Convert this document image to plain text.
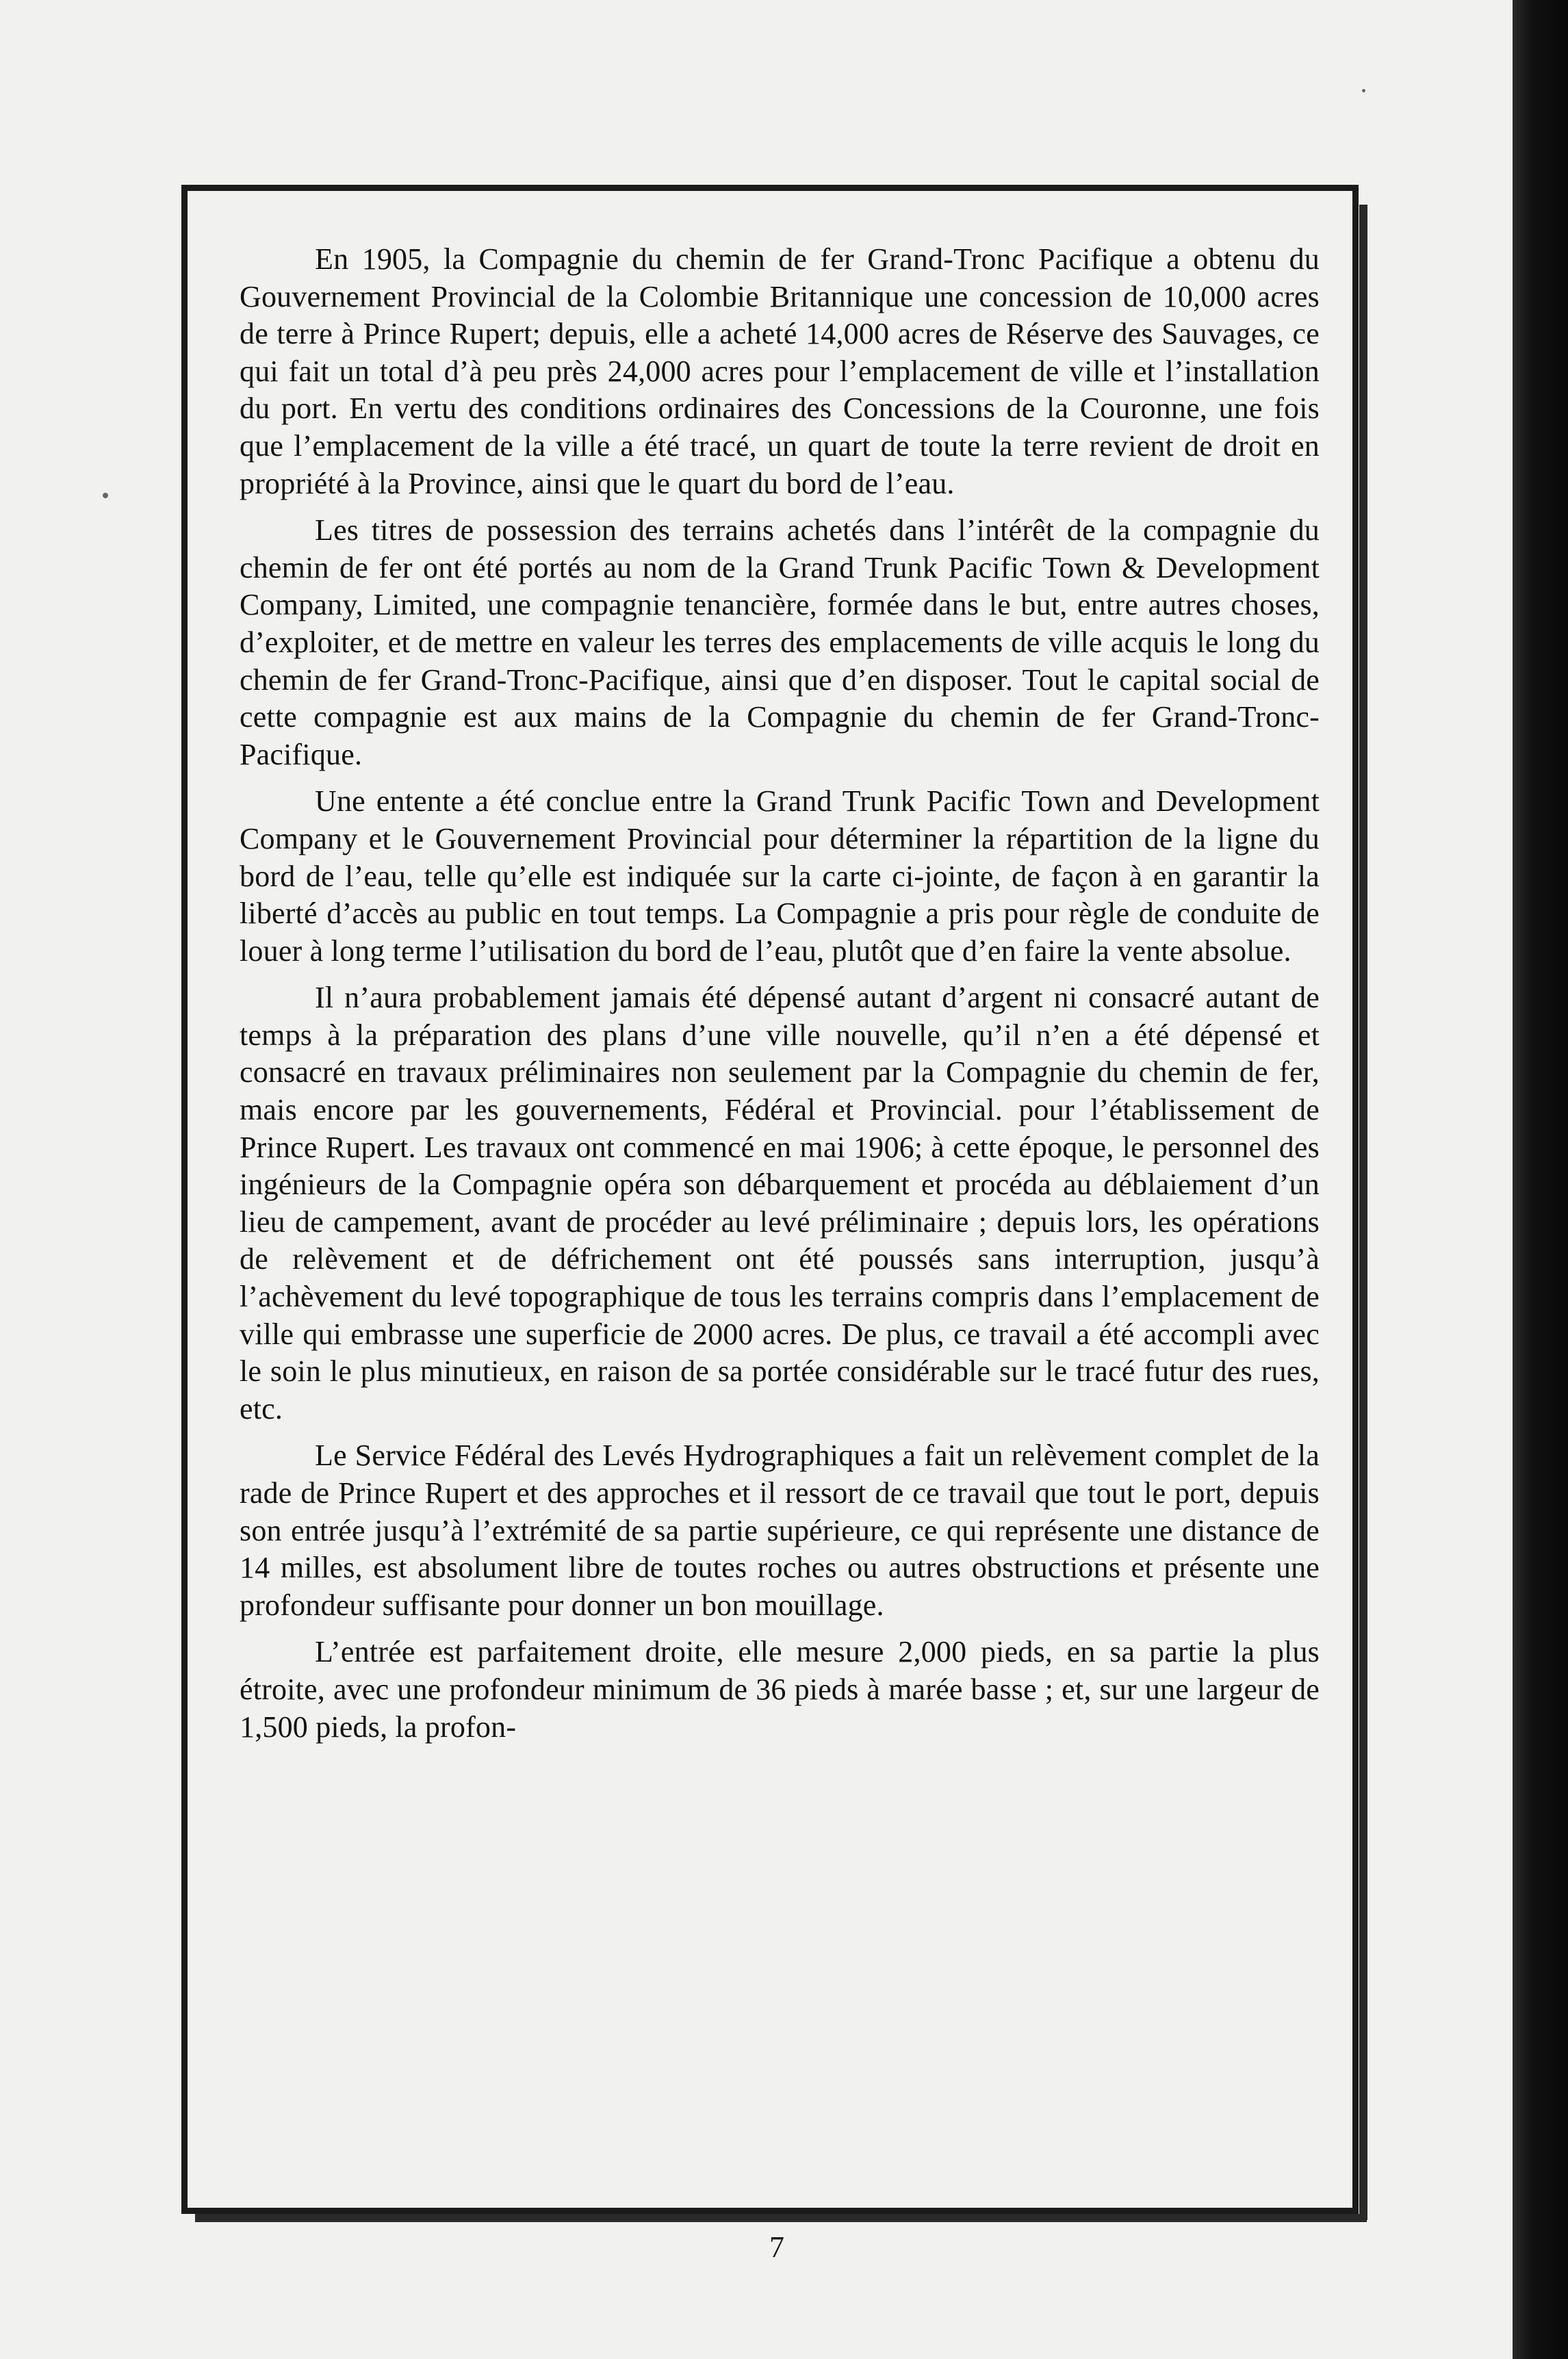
En 1905, la Compagnie du chemin de fer Grand-Tronc Pacifique a obtenu du Gouvernement Provincial de la Colombie Britannique une concession de 10,000 acres de terre à Prince Rupert; depuis, elle a acheté 14,000 acres de Réserve des Sauvages, ce qui fait un total d’à peu près 24,000 acres pour l’emplacement de ville et l’installation du port. En vertu des conditions ordinaires des Concessions de la Couronne, une fois que l’emplacement de la ville a été tracé, un quart de toute la terre revient de droit en propriété à la Province, ainsi que le quart du bord de l’eau.

Les titres de possession des terrains achetés dans l’intérêt de la compagnie du chemin de fer ont été portés au nom de la Grand Trunk Pacific Town & Development Company, Limited, une compagnie tenancière, formée dans le but, entre autres choses, d’exploiter, et de mettre en valeur les terres des emplacements de ville acquis le long du chemin de fer Grand-Tronc-Pacifique, ainsi que d’en disposer. Tout le capital social de cette compagnie est aux mains de la Compagnie du chemin de fer Grand-Tronc-Pacifique.

Une entente a été conclue entre la Grand Trunk Pacific Town and Development Company et le Gouvernement Provincial pour déterminer la répartition de la ligne du bord de l’eau, telle qu’elle est indiquée sur la carte ci-jointe, de façon à en garantir la liberté d’accès au public en tout temps. La Compagnie a pris pour règle de conduite de louer à long terme l’utilisation du bord de l’eau, plutôt que d’en faire la vente absolue.

Il n’aura probablement jamais été dépensé autant d’argent ni consacré autant de temps à la préparation des plans d’une ville nouvelle, qu’il n’en a été dépensé et consacré en travaux préliminaires non seulement par la Compagnie du chemin de fer, mais encore par les gouvernements, Fédéral et Provincial. pour l’établissement de Prince Rupert. Les travaux ont commencé en mai 1906; à cette époque, le personnel des ingénieurs de la Compagnie opéra son débarquement et procéda au déblaiement d’un lieu de campement, avant de procéder au levé préliminaire ; depuis lors, les opérations de relèvement et de défrichement ont été poussés sans interruption, jusqu’à l’achèvement du levé topographique de tous les terrains compris dans l’emplacement de ville qui embrasse une superficie de 2000 acres. De plus, ce travail a été accompli avec le soin le plus minutieux, en raison de sa portée considérable sur le tracé futur des rues, etc.

Le Service Fédéral des Levés Hydrographiques a fait un relèvement complet de la rade de Prince Rupert et des approches et il ressort de ce travail que tout le port, depuis son entrée jusqu’à l’extrémité de sa partie supérieure, ce qui représente une distance de 14 milles, est absolument libre de toutes roches ou autres obstructions et présente une profondeur suffisante pour donner un bon mouillage.

L’entrée est parfaitement droite, elle mesure 2,000 pieds, en sa partie la plus étroite, avec une profondeur minimum de 36 pieds à marée basse ; et, sur une largeur de 1,500 pieds, la profon-

7
